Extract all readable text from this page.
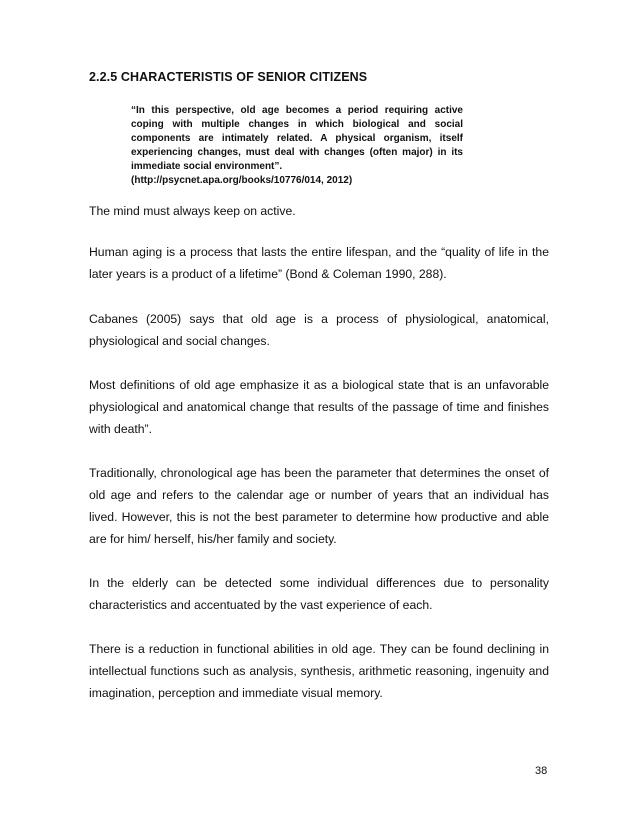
2.2.5 CHARACTERISTIS OF SENIOR CITIZENS
“In this perspective, old age becomes a period requiring active coping with multiple changes in which biological and social components are intimately related. A physical organism, itself experiencing changes, must deal with changes (often major) in its immediate social environment”.
(http://psycnet.apa.org/books/10776/014, 2012)

The mind must always keep on active.

Human aging is a process that lasts the entire lifespan, and the “quality of life in the later years is a product of a lifetime” (Bond & Coleman 1990, 288).

Cabanes (2005) says that old age is a process of physiological, anatomical, physiological and social changes.

Most definitions of old age emphasize it as a biological state that is an unfavorable physiological and anatomical change that results of the passage of time and finishes with death”.

Traditionally, chronological age has been the parameter that determines the onset of old age and refers to the calendar age or number of years that an individual has lived. However, this is not the best parameter to determine how productive and able are for him/ herself, his/her family and society.

In the elderly can be detected some individual differences due to personality characteristics and accentuated by the vast experience of each.

There is a reduction in functional abilities in old age. They can be found declining in intellectual functions such as analysis, synthesis, arithmetic reasoning, ingenuity and imagination, perception and immediate visual memory.

38
